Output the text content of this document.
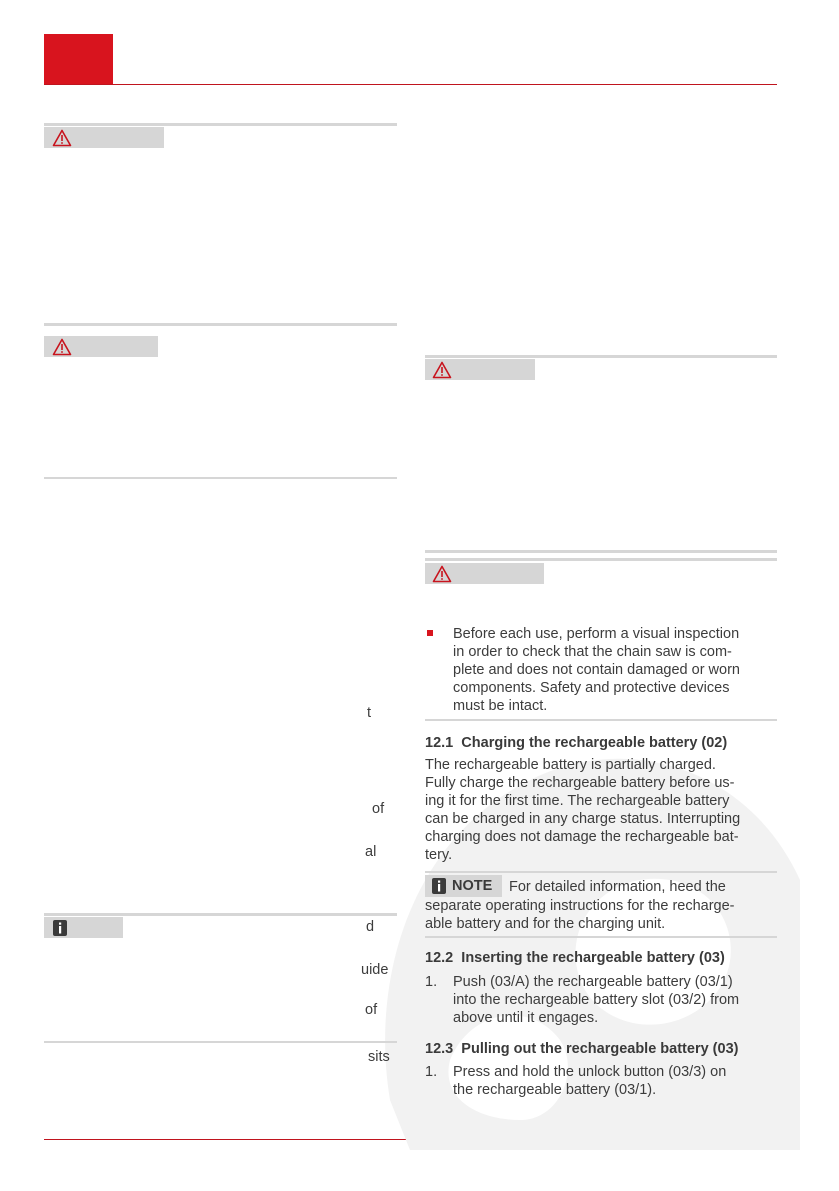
t
of
al
d
uide
of
sits
Before each use, perform a visual inspection
in order to check that the chain saw is com-
plete and does not contain damaged or worn
components. Safety and protective devices
must be intact.
12.1 Charging the rechargeable battery (02)
The rechargeable battery is partially charged.
Fully charge the rechargeable battery before us-
ing it for the first time. The rechargeable battery
can be charged in any charge status. Interrupting
charging does not damage the rechargeable bat-
tery.
NOTE For detailed information, heed the
separate operating instructions for the recharge-
able battery and for the charging unit.
12.2 Inserting the rechargeable battery (03)
1. Push (03/A) the rechargeable battery (03/1)
into the rechargeable battery slot (03/2) from
above until it engages.
12.3 Pulling out the rechargeable battery (03)
1. Press and hold the unlock button (03/3) on
the rechargeable battery (03/1).
